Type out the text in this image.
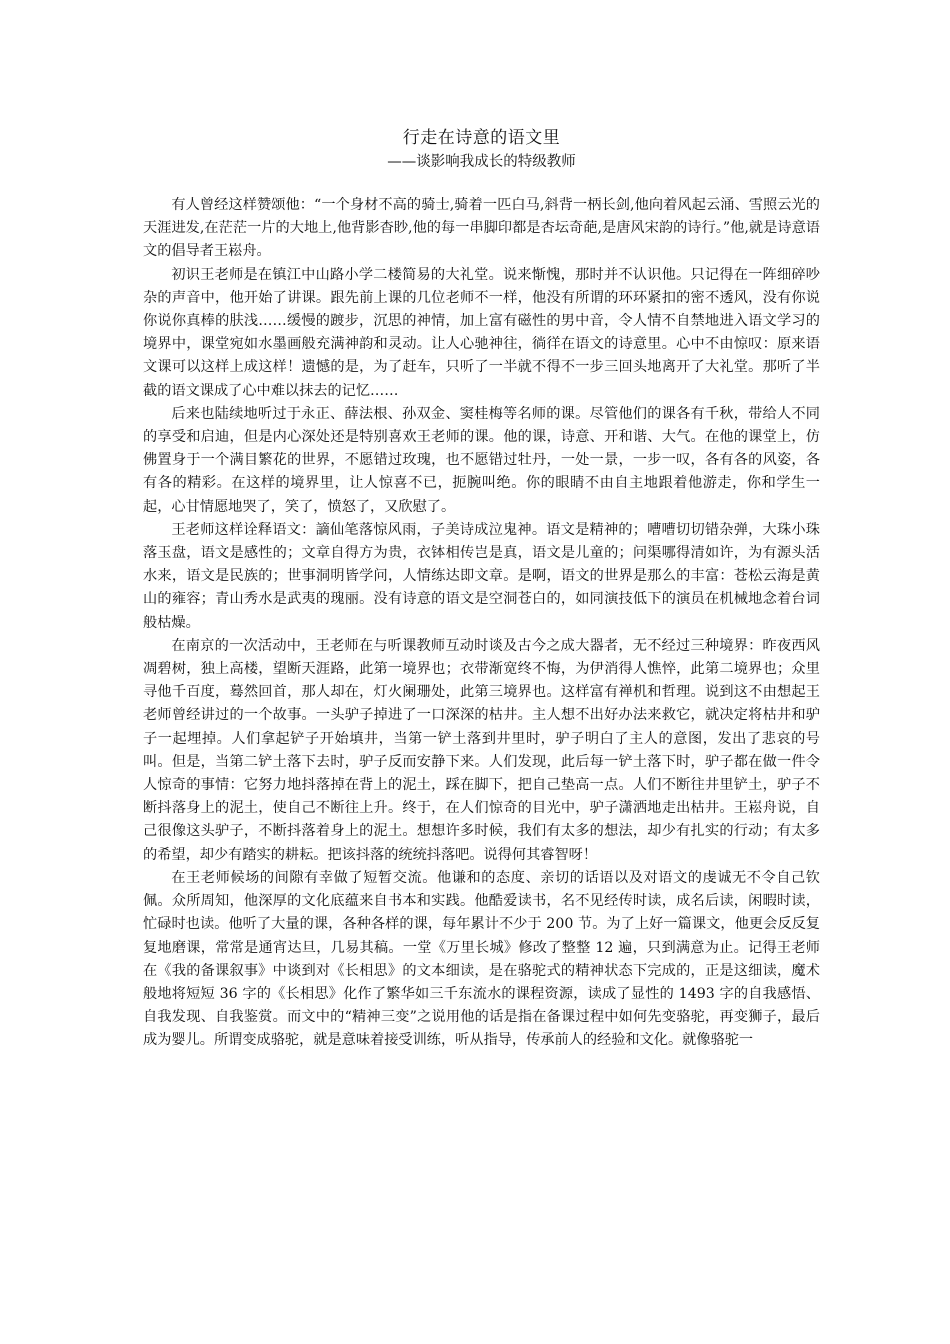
行走在诗意的语文里
——谈影响我成长的特级教师

有人曾经这样赞颂他：“一个身材不高的骑士,骑着一匹白马,斜背一柄长剑,他向着风起云涌、雪照云光的天涯进发,在茫茫一片的大地上,他背影杳眇,他的每一串脚印都是杏坛奇葩,是唐风宋韵的诗行。”他,就是诗意语文的倡导者王崧舟。

初识王老师是在镇江中山路小学二楼简易的大礼堂。说来惭愧，那时并不认识他。只记得在一阵细碎吵杂的声音中，他开始了讲课。跟先前上课的几位老师不一样，他没有所谓的环环紧扣的密不透风，没有你说你说你真棒的肤浅……缓慢的踱步，沉思的神情，加上富有磁性的男中音，令人情不自禁地进入语文学习的境界中，课堂宛如水墨画般充满神韵和灵动。让人心驰神往，徜徉在语文的诗意里。心中不由惊叹：原来语文课可以这样上成这样！遗憾的是，为了赶车，只听了一半就不得不一步三回头地离开了大礼堂。那听了半截的语文课成了心中难以抹去的记忆……

后来也陆续地听过于永正、薛法根、孙双金、窦桂梅等名师的课。尽管他们的课各有千秋，带给人不同的享受和启迪，但是内心深处还是特别喜欢王老师的课。他的课，诗意、开和谐、大气。在他的课堂上，仿佛置身于一个满目繁花的世界，不愿错过玫瑰，也不愿错过牡丹，一处一景，一步一叹，各有各的风姿，各有各的精彩。在这样的境界里，让人惊喜不已，扼腕叫绝。你的眼睛不由自主地跟着他游走，你和学生一起，心甘情愿地哭了，笑了，愤怒了，又欣慰了。

王老师这样诠释语文：謫仙笔落惊风雨，子美诗成泣鬼神。语文是精神的；嘈嘈切切错杂弹，大珠小珠落玉盘，语文是感性的；文章自得方为贵，衣钵相传岂是真，语文是儿童的；问渠哪得清如许，为有源头活水来，语文是民族的；世事洞明皆学问，人情练达即文章。是啊，语文的世界是那么的丰富：苍松云海是黄山的雍容；青山秀水是武夷的瑰丽。没有诗意的语文是空洞苍白的，如同演技低下的演员在机械地念着台词般枯燥。

在南京的一次活动中，王老师在与听课教师互动时谈及古今之成大器者，无不经过三种境界：昨夜西风凋碧树，独上高楼，望断天涯路，此第一境界也；衣带渐宽终不悔，为伊消得人憔悴，此第二境界也；众里寻他千百度，蓦然回首，那人却在，灯火阑珊处，此第三境界也。这样富有禅机和哲理。说到这不由想起王老师曾经讲过的一个故事。一头驴子掉进了一口深深的枯井。主人想不出好办法来救它，就决定将枯井和驴子一起埋掉。人们拿起铲子开始填井，当第一铲土落到井里时，驴子明白了主人的意图，发出了悲哀的号叫。但是，当第二铲土落下去时，驴子反而安静下来。人们发现，此后每一铲土落下时，驴子都在做一件令人惊奇的事情：它努力地抖落掉在背上的泥土，踩在脚下，把自己垫高一点。人们不断往井里铲土，驴子不断抖落身上的泥土，使自己不断往上升。终于，在人们惊奇的目光中，驴子潇洒地走出枯井。王崧舟说，自己很像这头驴子，不断抖落着身上的泥土。想想许多时候，我们有太多的想法，却少有扎实的行动；有太多的希望，却少有踏实的耕耘。把该抖落的统统抖落吧。说得何其睿智呀！

在王老师候场的间隙有幸做了短暂交流。他谦和的态度、亲切的话语以及对语文的虔诚无不令自己钦佩。众所周知，他深厚的文化底蕴来自书本和实践。他酷爱读书，名不见经传时读，成名后读，闲暇时读，忙碌时也读。他听了大量的课，各种各样的课，每年累计不少于 200 节。为了上好一篇课文，他更会反反复复地磨课，常常是通宵达旦，几易其稿。一堂《万里长城》修改了整整 12 遍，只到满意为止。记得王老师在《我的备课叙事》中谈到对《长相思》的文本细读，是在骆驼式的精神状态下完成的，正是这细读，魔术般地将短短 36 字的《长相思》化作了繁华如三千东流水的课程资源，读成了显性的 1493 字的自我感悟、自我发现、自我鉴赏。而文中的“精神三变”之说用他的话是指在备课过程中如何先变骆驼，再变狮子，最后成为婴儿。所谓变成骆驼，就是意味着接受训练，听从指导，传承前人的经验和文化。就像骆驼一
